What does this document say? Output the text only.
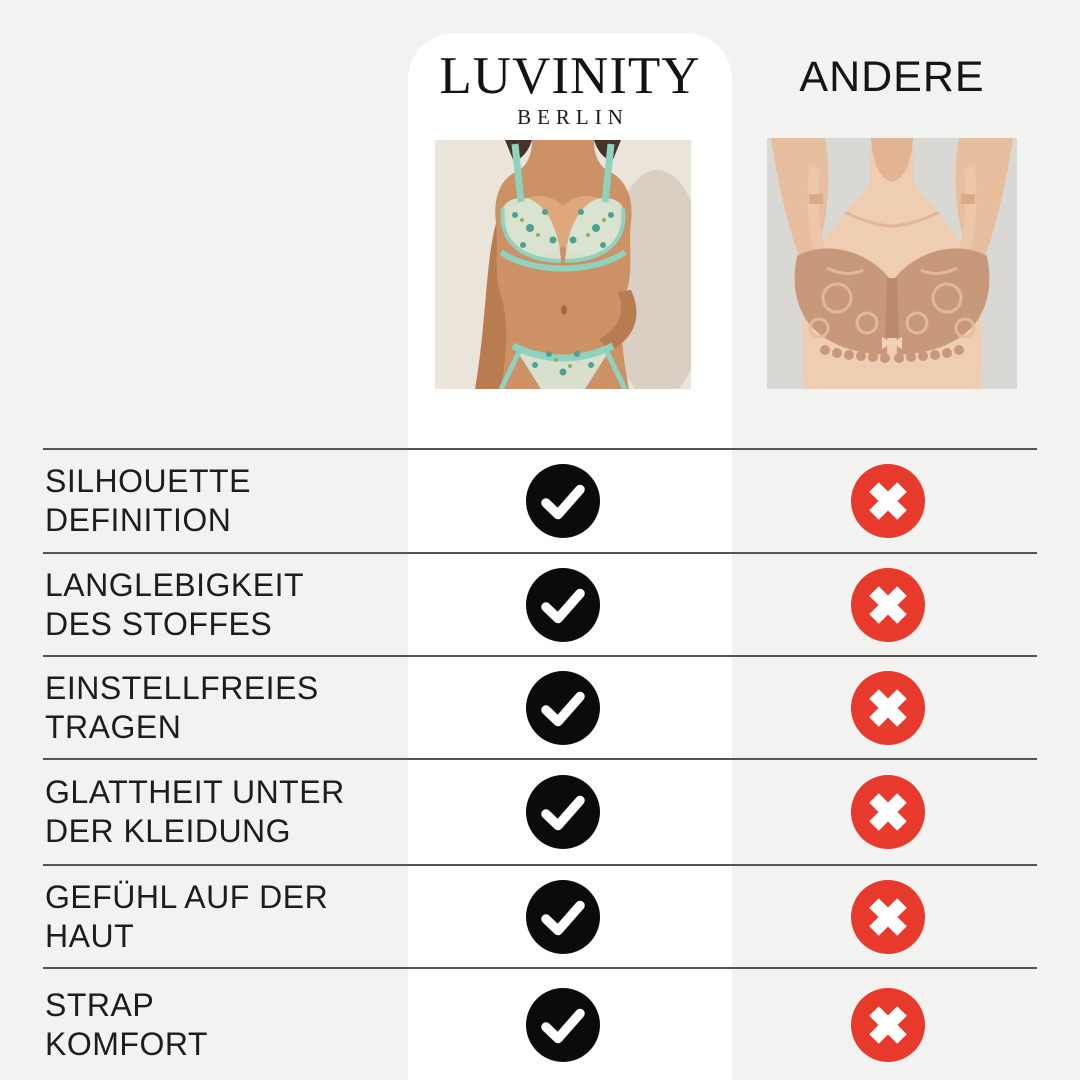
LUVINITY
BERLIN
ANDERE
SILHOUETTE
DEFINITION
LANGLEBIGKEIT
DES STOFFES
EINSTELLFREIES
TRAGEN
GLATTHEIT UNTER
DER KLEIDUNG
GEFÜHL AUF DER
HAUT
STRAP
KOMFORT
